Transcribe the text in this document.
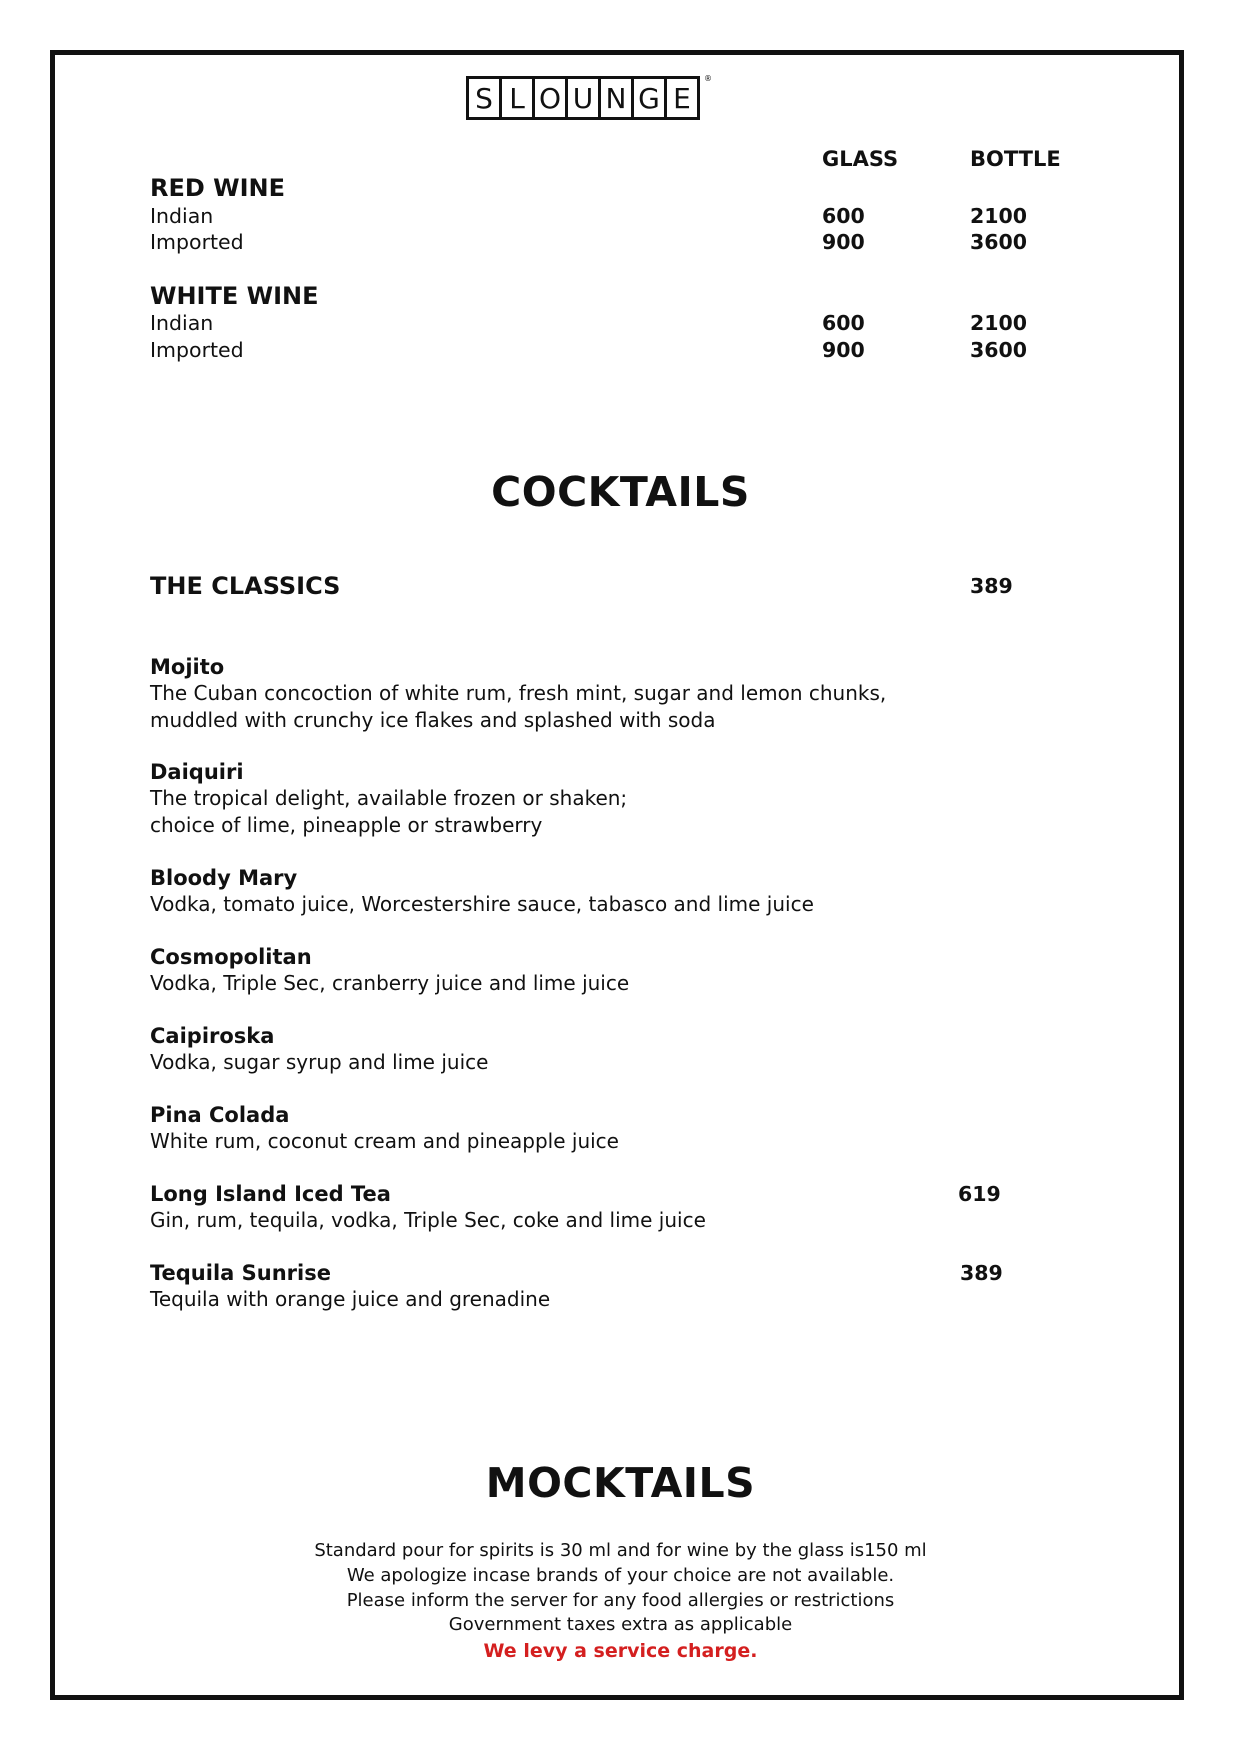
S L O U N G E
®
GLASS	BOTTLE
RED WINE
Indian	600	2100
Imported	900	3600
WHITE WINE
Indian	600	2100
Imported	900	3600
COCKTAILS
THE CLASSICS	389
Mojito
The Cuban concoction of white rum, fresh mint, sugar and lemon chunks,
muddled with crunchy ice flakes and splashed with soda
Daiquiri
The tropical delight, available frozen or shaken;
choice of lime, pineapple or strawberry
Bloody Mary
Vodka, tomato juice, Worcestershire sauce, tabasco and lime juice
Cosmopolitan
Vodka, Triple Sec, cranberry juice and lime juice
Caipiroska
Vodka, sugar syrup and lime juice
Pina Colada
White rum, coconut cream and pineapple juice
Long Island Iced Tea	619
Gin, rum, tequila, vodka, Triple Sec, coke and lime juice
Tequila Sunrise	389
Tequila with orange juice and grenadine
MOCKTAILS
Standard pour for spirits is 30 ml and for wine by the glass is150 ml
We apologize incase brands of your choice are not available.
Please inform the server for any food allergies or restrictions
Government taxes extra as applicable
We levy a service charge.
